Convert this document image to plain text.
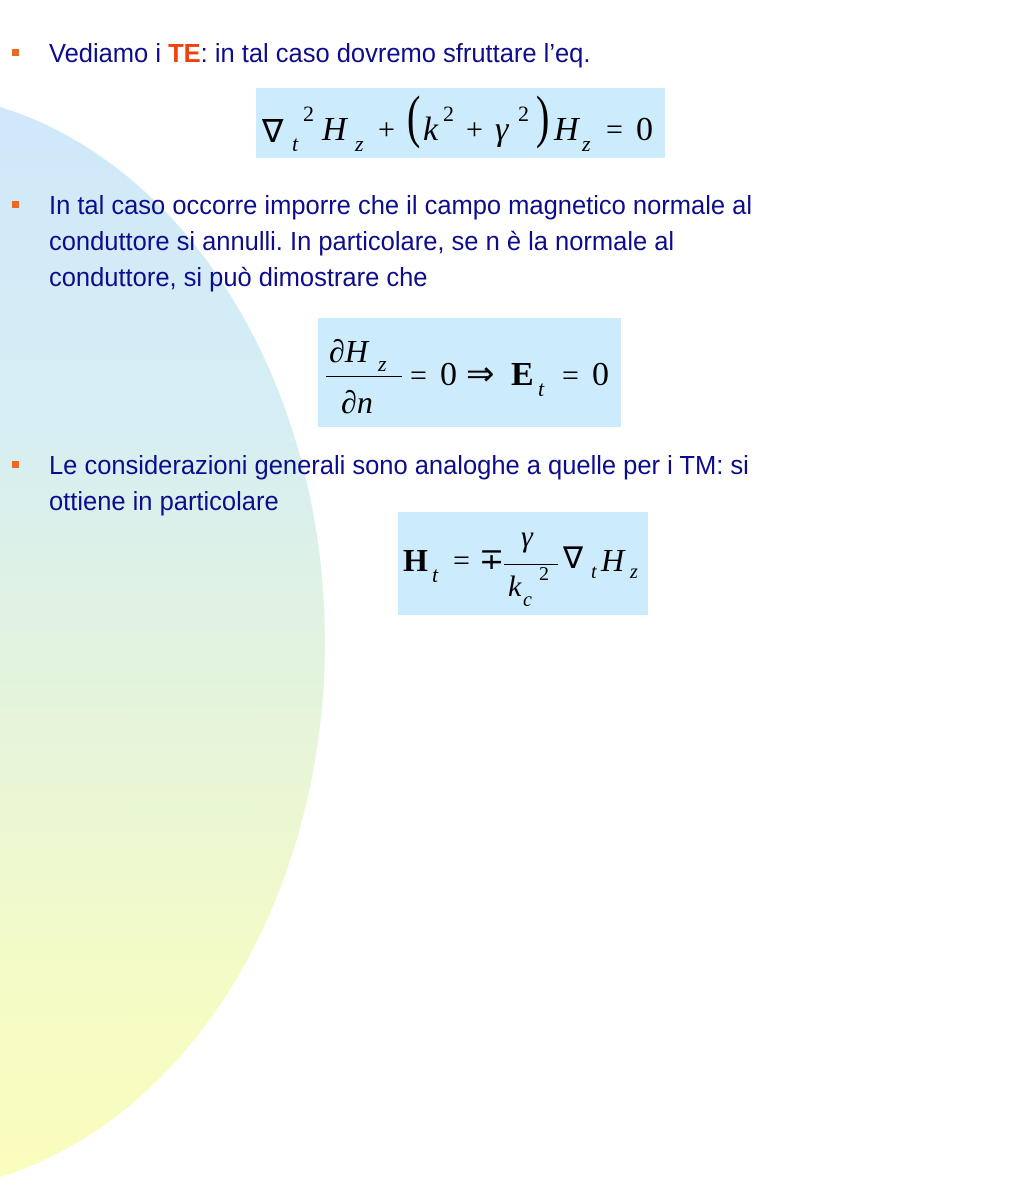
Vediamo i TE: in tal caso dovremo sfruttare l’eq.
∇ t
2 H z + ( k 2 + γ 2 ) H z = 0
In tal caso occorre imporre che il campo magnetico normale al
conduttore si annulli. In particolare, se n è la normale al
conduttore, si può dimostrare che
∂H z
∂n
= 0 ⇒ E t = 0
Le considerazioni generali sono analoghe a quelle per i TM: si
ottiene in particolare
H t = ∓
γ
k c
2 ∇ t H z
